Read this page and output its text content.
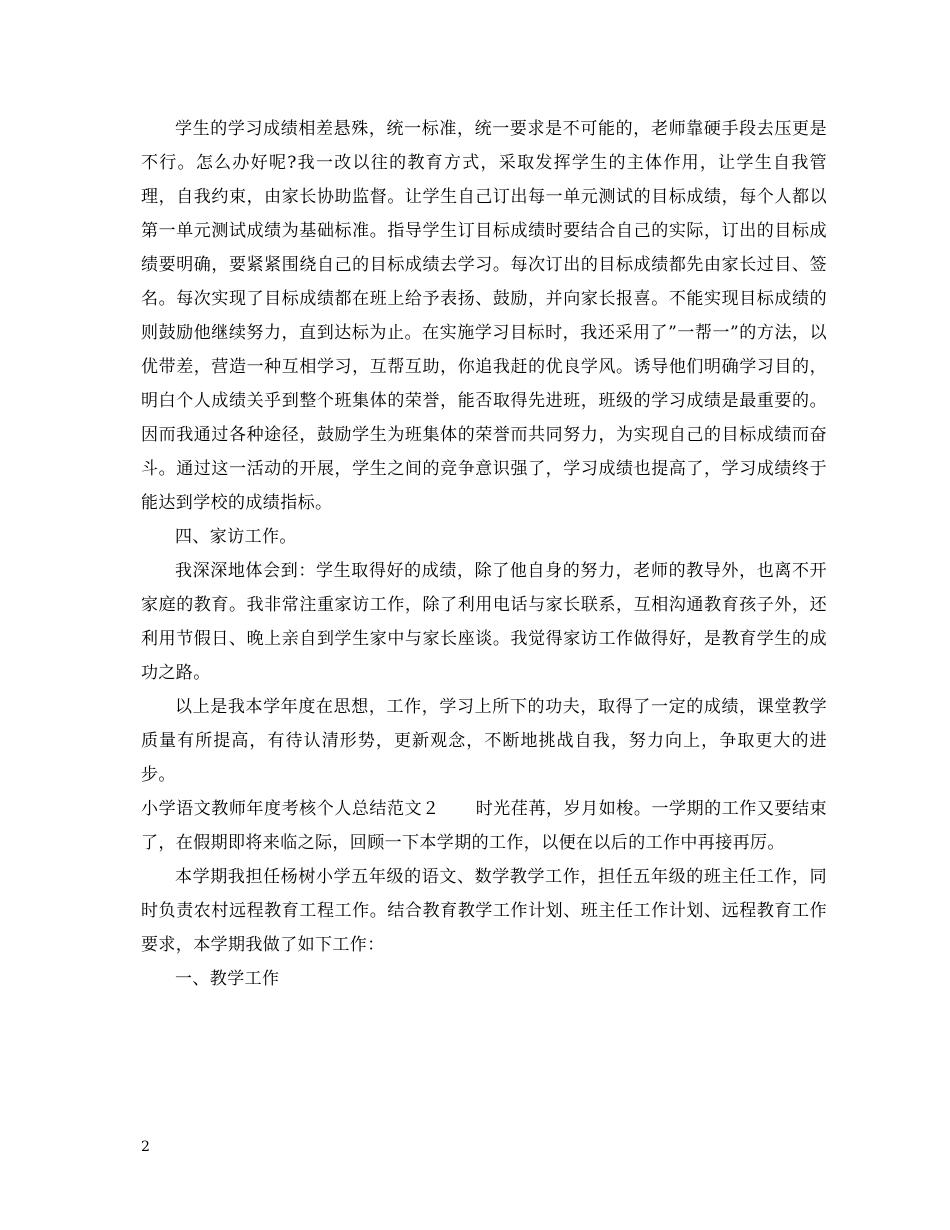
学生的学习成绩相差悬殊，统一标准，统一要求是不可能的，老师靠硬手段去压更是不行。怎么办好呢?我一改以往的教育方式，采取发挥学生的主体作用，让学生自我管理，自我约束，由家长协助监督。让学生自己订出每一单元测试的目标成绩，每个人都以第一单元测试成绩为基础标准。指导学生订目标成绩时要结合自己的实际，订出的目标成绩要明确，要紧紧围绕自己的目标成绩去学习。每次订出的目标成绩都先由家长过目、签名。每次实现了目标成绩都在班上给予表扬、鼓励，并向家长报喜。不能实现目标成绩的则鼓励他继续努力，直到达标为止。在实施学习目标时，我还采用了”一帮一”的方法，以优带差，营造一种互相学习，互帮互助，你追我赶的优良学风。诱导他们明确学习目的，明白个人成绩关乎到整个班集体的荣誉，能否取得先进班，班级的学习成绩是最重要的。因而我通过各种途径，鼓励学生为班集体的荣誉而共同努力，为实现自己的目标成绩而奋斗。通过这一活动的开展，学生之间的竞争意识强了，学习成绩也提高了，学习成绩终于能达到学校的成绩指标。

四、家访工作。

我深深地体会到：学生取得好的成绩，除了他自身的努力，老师的教导外，也离不开家庭的教育。我非常注重家访工作，除了利用电话与家长联系，互相沟通教育孩子外，还利用节假日、晚上亲自到学生家中与家长座谈。我觉得家访工作做得好，是教育学生的成功之路。

以上是我本学年度在思想，工作，学习上所下的功夫，取得了一定的成绩，课堂教学质量有所提高，有待认清形势，更新观念，不断地挑战自我，努力向上，争取更大的进步。

小学语文教师年度考核个人总结范文２ 时光荏苒，岁月如梭。一学期的工作又要结束了，在假期即将来临之际，回顾一下本学期的工作，以便在以后的工作中再接再厉。

本学期我担任杨树小学五年级的语文、数学教学工作，担任五年级的班主任工作，同时负责农村远程教育工程工作。结合教育教学工作计划、班主任工作计划、远程教育工作要求，本学期我做了如下工作：

一、教学工作

2
